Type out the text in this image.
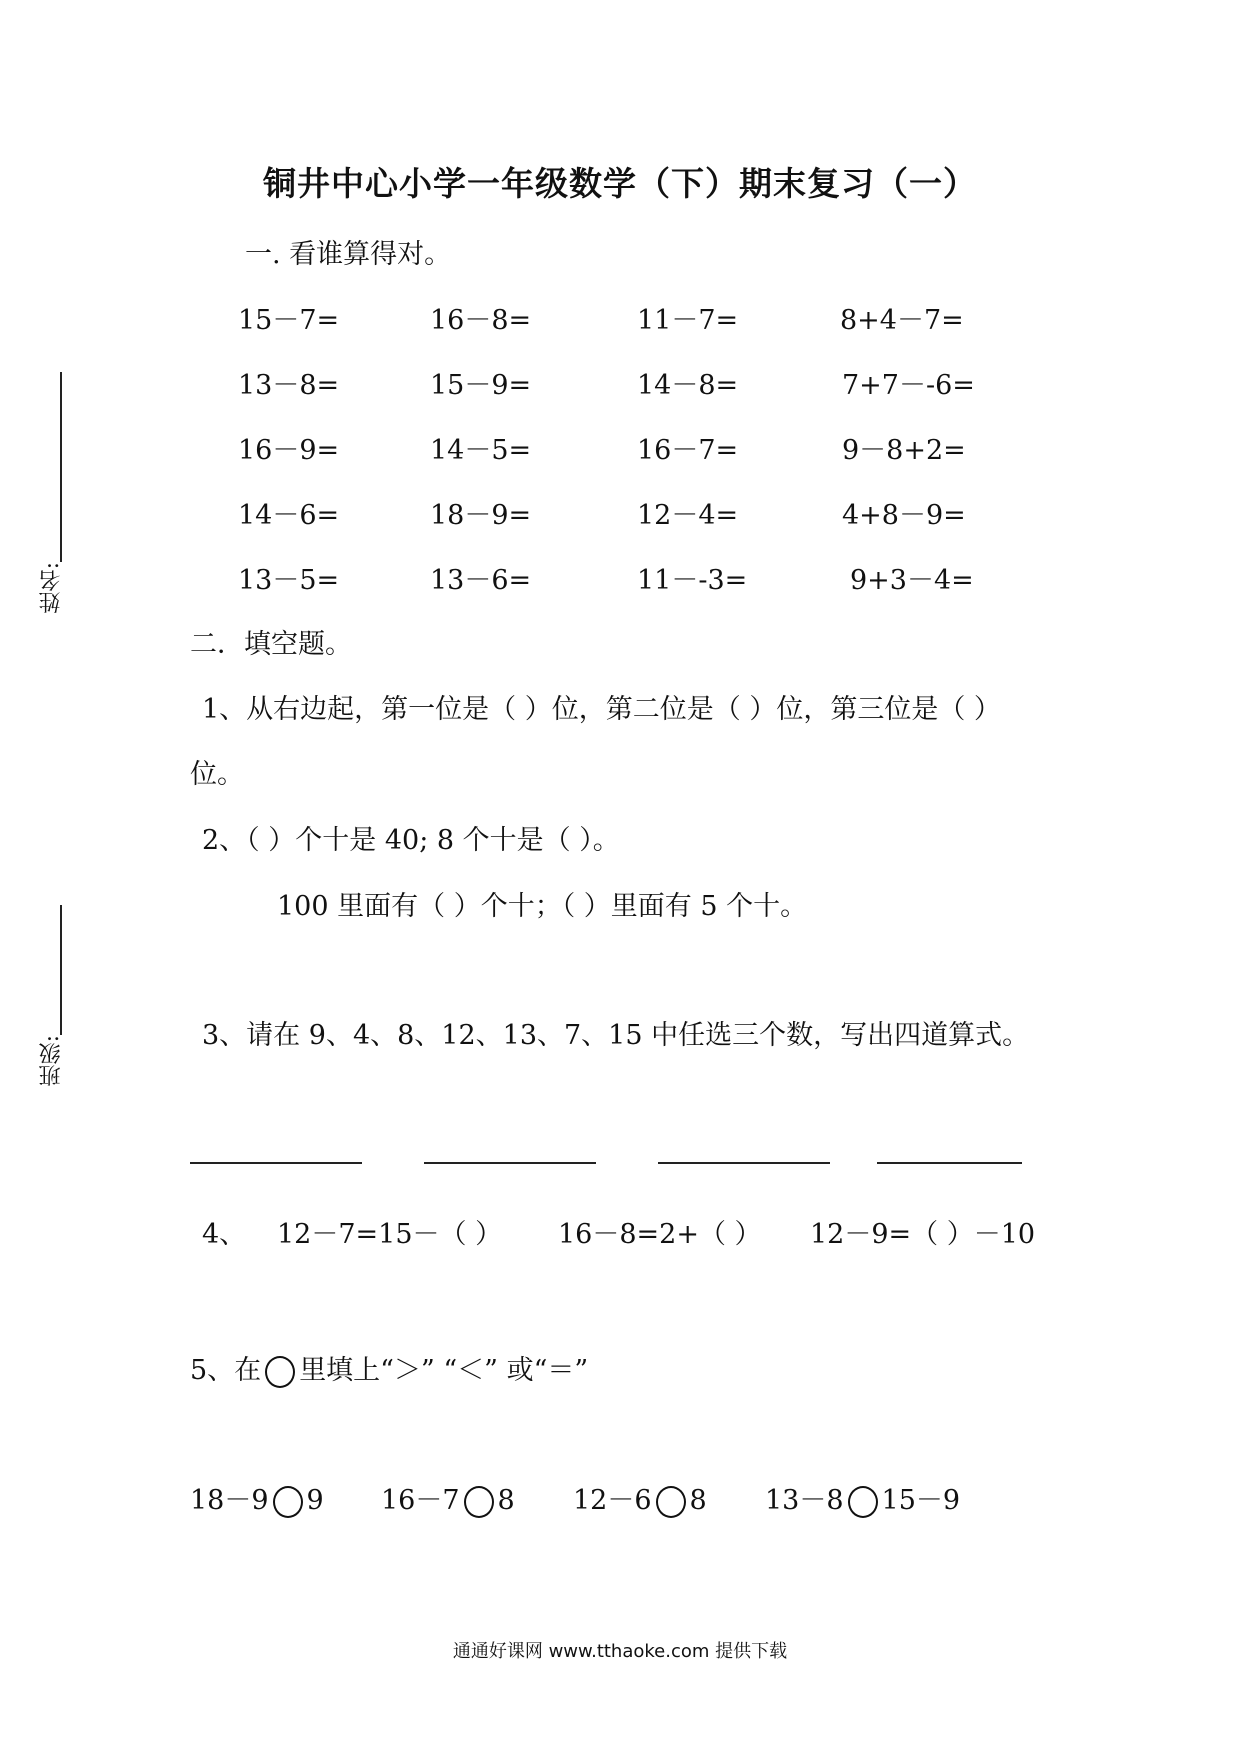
铜井中心小学一年级数学（下）期末复习（一）
姓名:
班级:
一. 看谁算得对。
15－7=	16－8=	11－7=	8+4－7=
13－8=	15－9=	14－8=	7+7－-6=
16－9=	14－5=	16－7=	9－8+2=
14－6=	18－9=	12－4=	4+8－9=
13－5=	13－6=	11－-3=	9+3－4=
二．填空题。
1、从右边起，第一位是（ ）位，第二位是（ ）位，第三位是（ ）
位。
2、（ ）个十是 40; 8 个十是（ ）。
100 里面有（ ）个十；（ ）里面有 5 个十。
3、请在 9、4、8、12、13、7、15 中任选三个数，写出四道算式。
4、 12－7=15－（ ） 16－8=2+（ ） 12－9=（ ）－10
5、在 里填上“＞” “＜” 或“＝”
18－9 9 16－7 8 12－6 8 13－8 15－9
通通好课网 www.tthaoke.com 提供下载
